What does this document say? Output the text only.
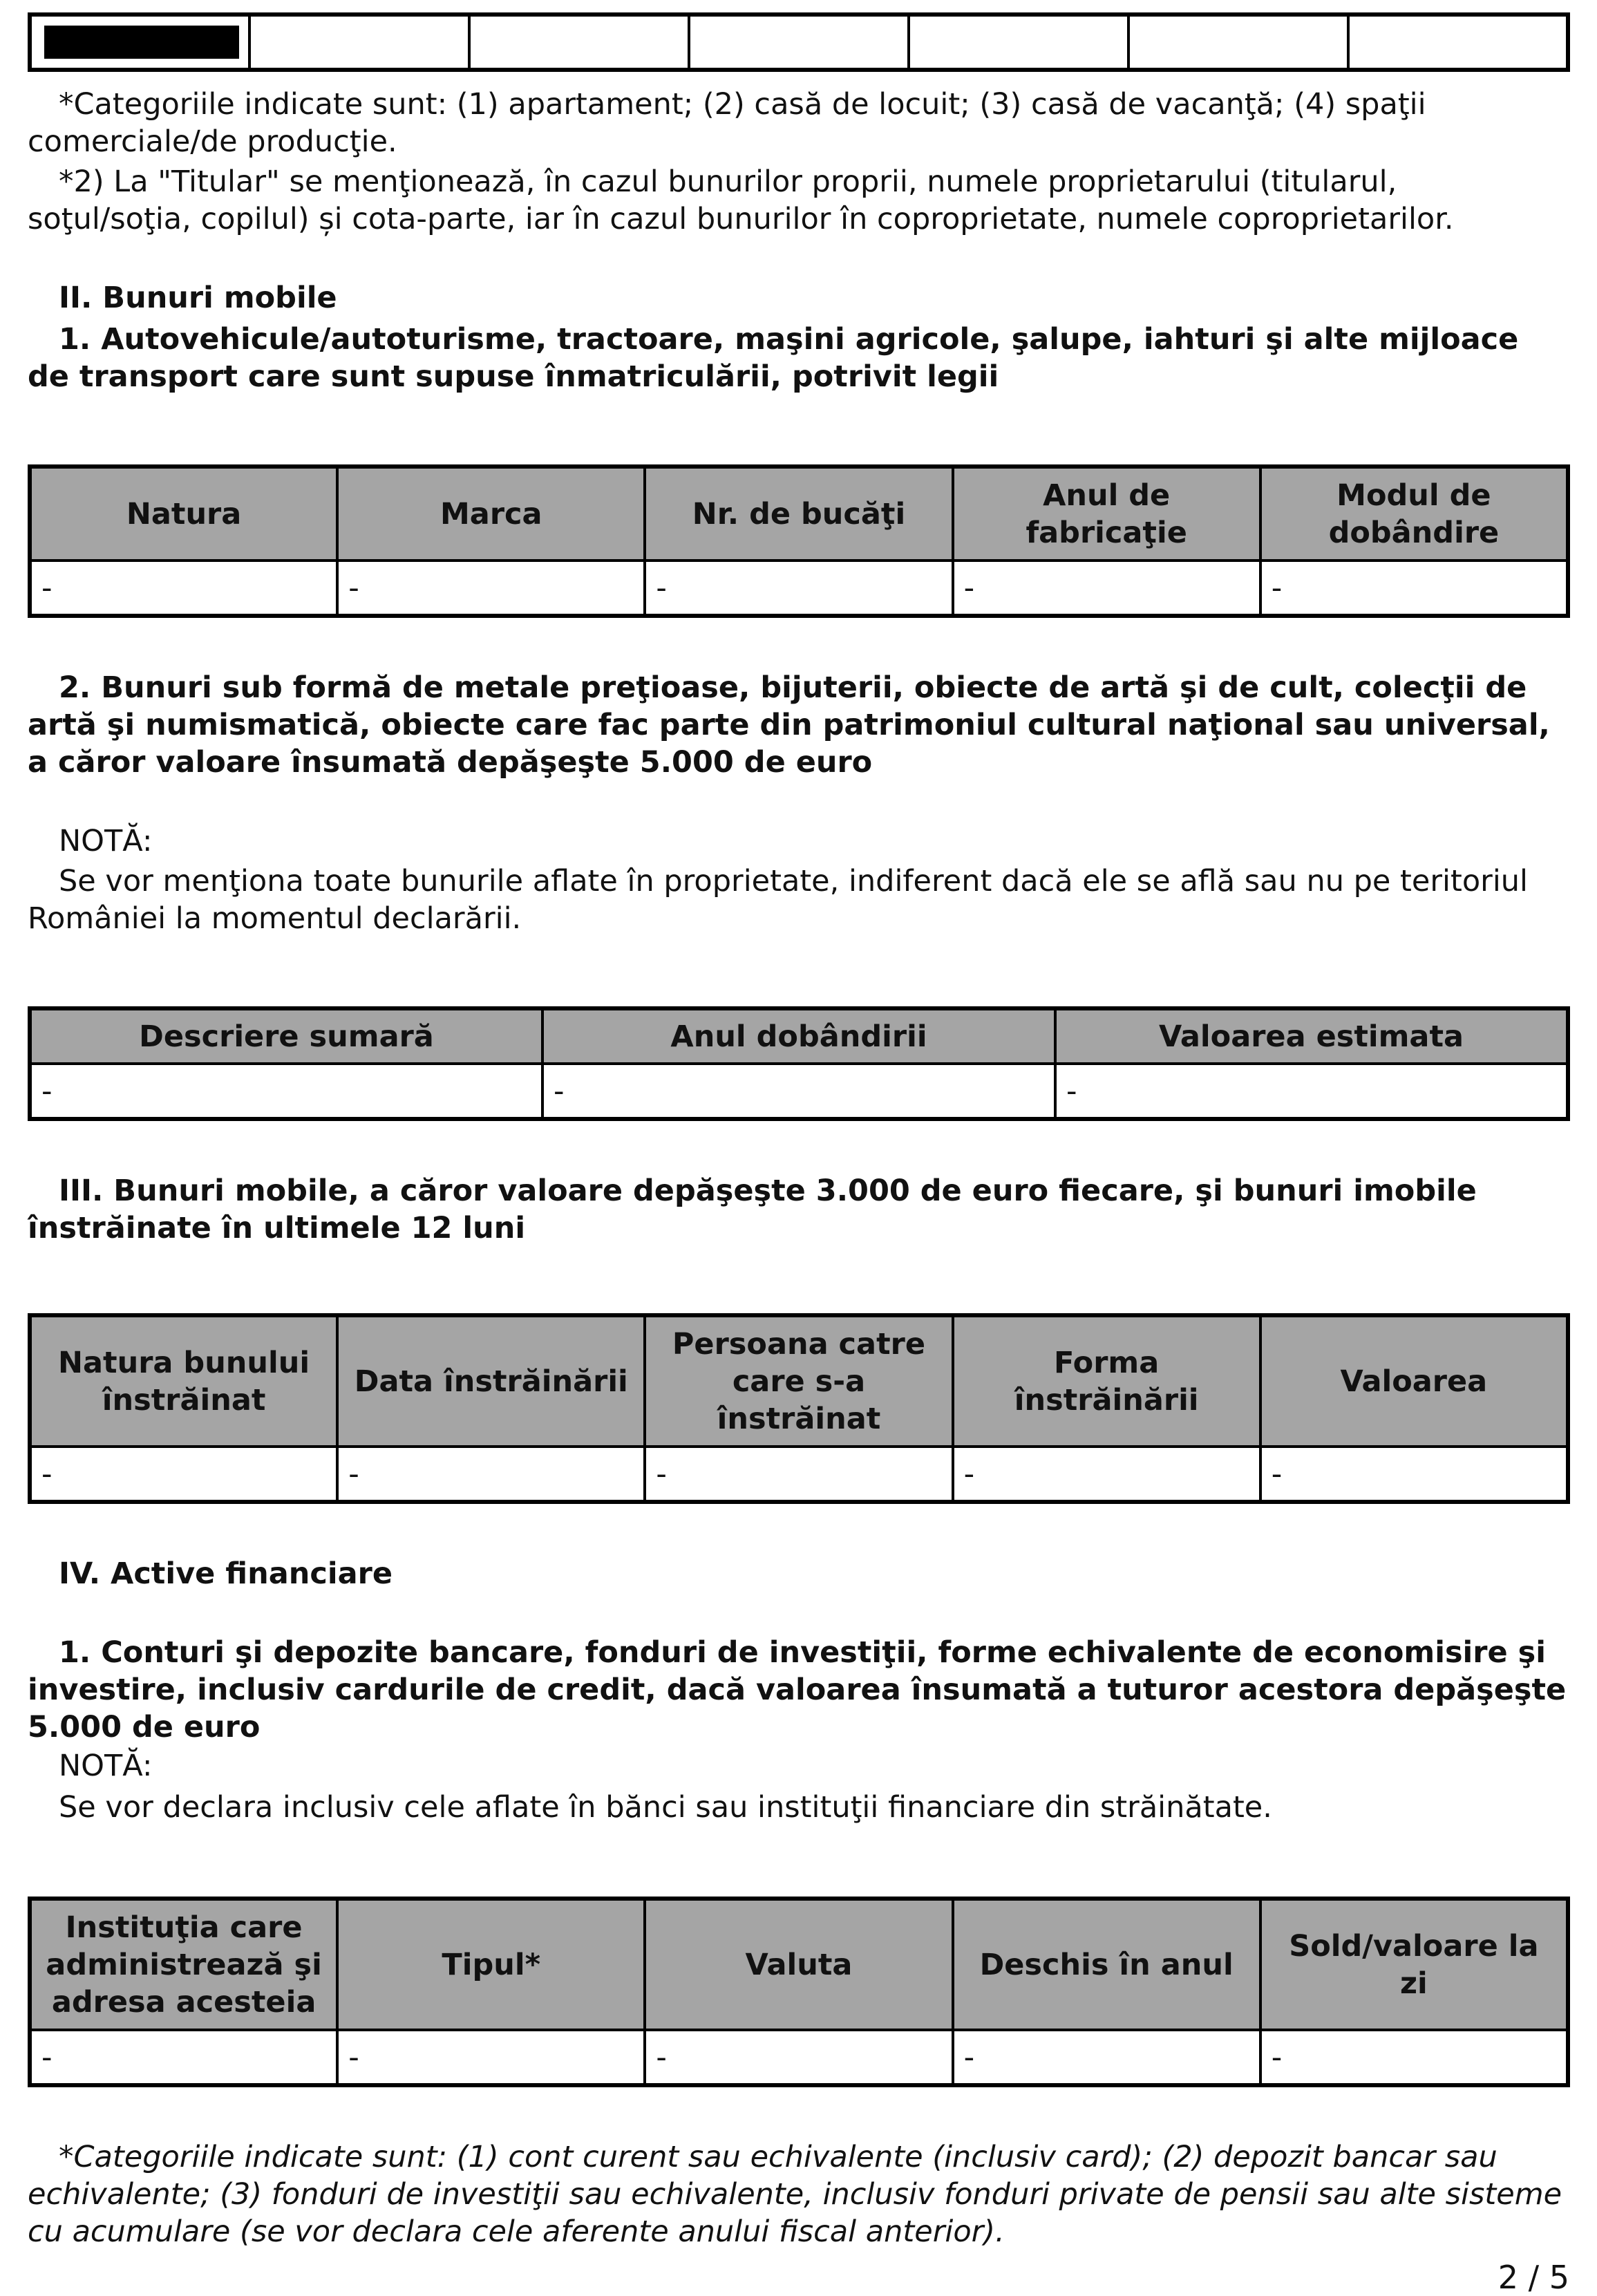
*Categoriile indicate sunt: (1) apartament; (2) casă de locuit; (3) casă de vacanţă; (4) spaţii comerciale/de producţie.
*2) La "Titular" se menţionează, în cazul bunurilor proprii, numele proprietarului (titularul, soţul/soţia, copilul) și cota-parte, iar în cazul bunurilor în coproprietate, numele coproprietarilor.
II. Bunuri mobile
1. Autovehicule/autoturisme, tractoare, maşini agricole, şalupe, iahturi şi alte mijloace de transport care sunt supuse înmatriculării, potrivit legii
Natura	Marca	Nr. de bucăţi	Anul de fabricaţie	Modul de dobândire
-	-	-	-	-
2. Bunuri sub formă de metale preţioase, bijuterii, obiecte de artă şi de cult, colecţii de artă şi numismatică, obiecte care fac parte din patrimoniul cultural naţional sau universal, a căror valoare însumată depăşeşte 5.000 de euro
NOTĂ:
Se vor menţiona toate bunurile aflate în proprietate, indiferent dacă ele se află sau nu pe teritoriul României la momentul declarării.
Descriere sumară	Anul dobândirii	Valoarea estimata
-	-	-
III. Bunuri mobile, a căror valoare depăşeşte 3.000 de euro fiecare, şi bunuri imobile înstrăinate în ultimele 12 luni
Natura bunului înstrăinat	Data înstrăinării	Persoana catre care s-a înstrăinat	Forma înstrăinării	Valoarea
-	-	-	-	-
IV. Active financiare
1. Conturi şi depozite bancare, fonduri de investiţii, forme echivalente de economisire şi investire, inclusiv cardurile de credit, dacă valoarea însumată a tuturor acestora depăşeşte 5.000 de euro
NOTĂ:
Se vor declara inclusiv cele aflate în bănci sau instituţii financiare din străinătate.
Instituţia care administrează şi adresa acesteia	Tipul*	Valuta	Deschis în anul	Sold/valoare la zi
-	-	-	-	-
*Categoriile indicate sunt: (1) cont curent sau echivalente (inclusiv card); (2) depozit bancar sau echivalente; (3) fonduri de investiţii sau echivalente, inclusiv fonduri private de pensii sau alte sisteme cu acumulare (se vor declara cele aferente anului fiscal anterior).
2 / 5
